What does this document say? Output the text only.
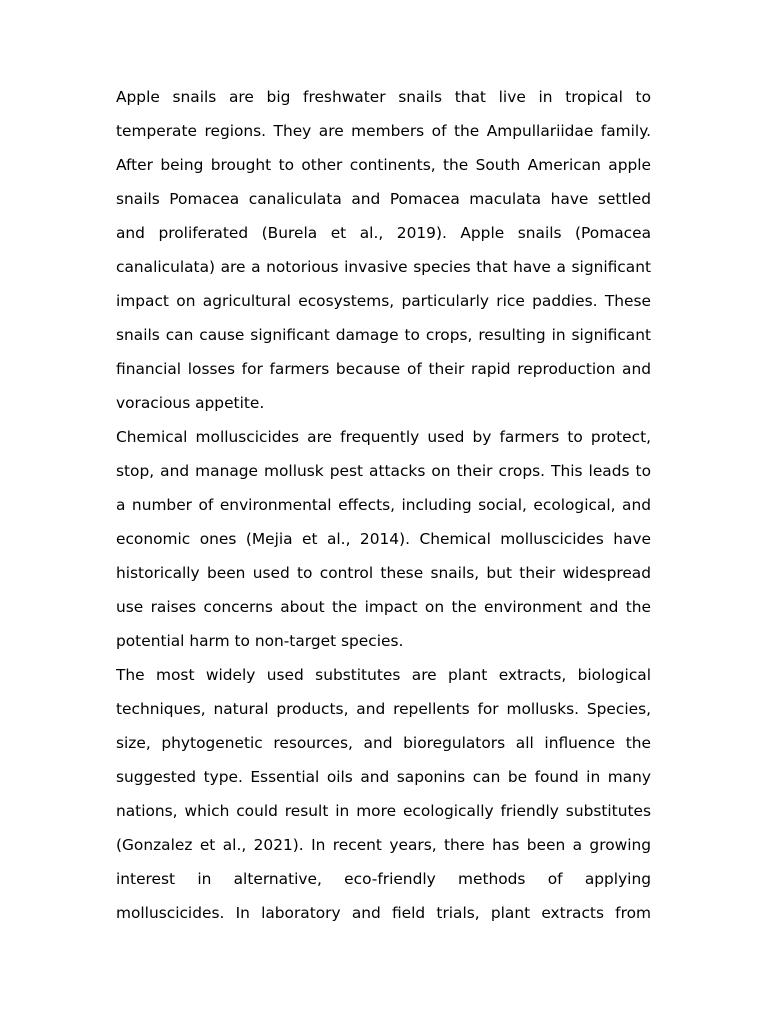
Apple snails are big freshwater snails that live in tropical to
temperate regions. They are members of the Ampullariidae family.
After being brought to other continents, the South American apple
snails Pomacea canaliculata and Pomacea maculata have settled
and proliferated (Burela et al., 2019). Apple snails (Pomacea
canaliculata) are a notorious invasive species that have a significant
impact on agricultural ecosystems, particularly rice paddies. These
snails can cause significant damage to crops, resulting in significant
financial losses for farmers because of their rapid reproduction and
voracious appetite.
Chemical molluscicides are frequently used by farmers to protect,
stop, and manage mollusk pest attacks on their crops. This leads to
a number of environmental effects, including social, ecological, and
economic ones (Mejia et al., 2014). Chemical molluscicides have
historically been used to control these snails, but their widespread
use raises concerns about the impact on the environment and the
potential harm to non-target species.
The most widely used substitutes are plant extracts, biological
techniques, natural products, and repellents for mollusks. Species,
size, phytogenetic resources, and bioregulators all influence the
suggested type. Essential oils and saponins can be found in many
nations, which could result in more ecologically friendly substitutes
(Gonzalez et al., 2021). In recent years, there has been a growing
interest in alternative, eco-friendly methods of applying
molluscicides. In laboratory and field trials, plant extracts from
